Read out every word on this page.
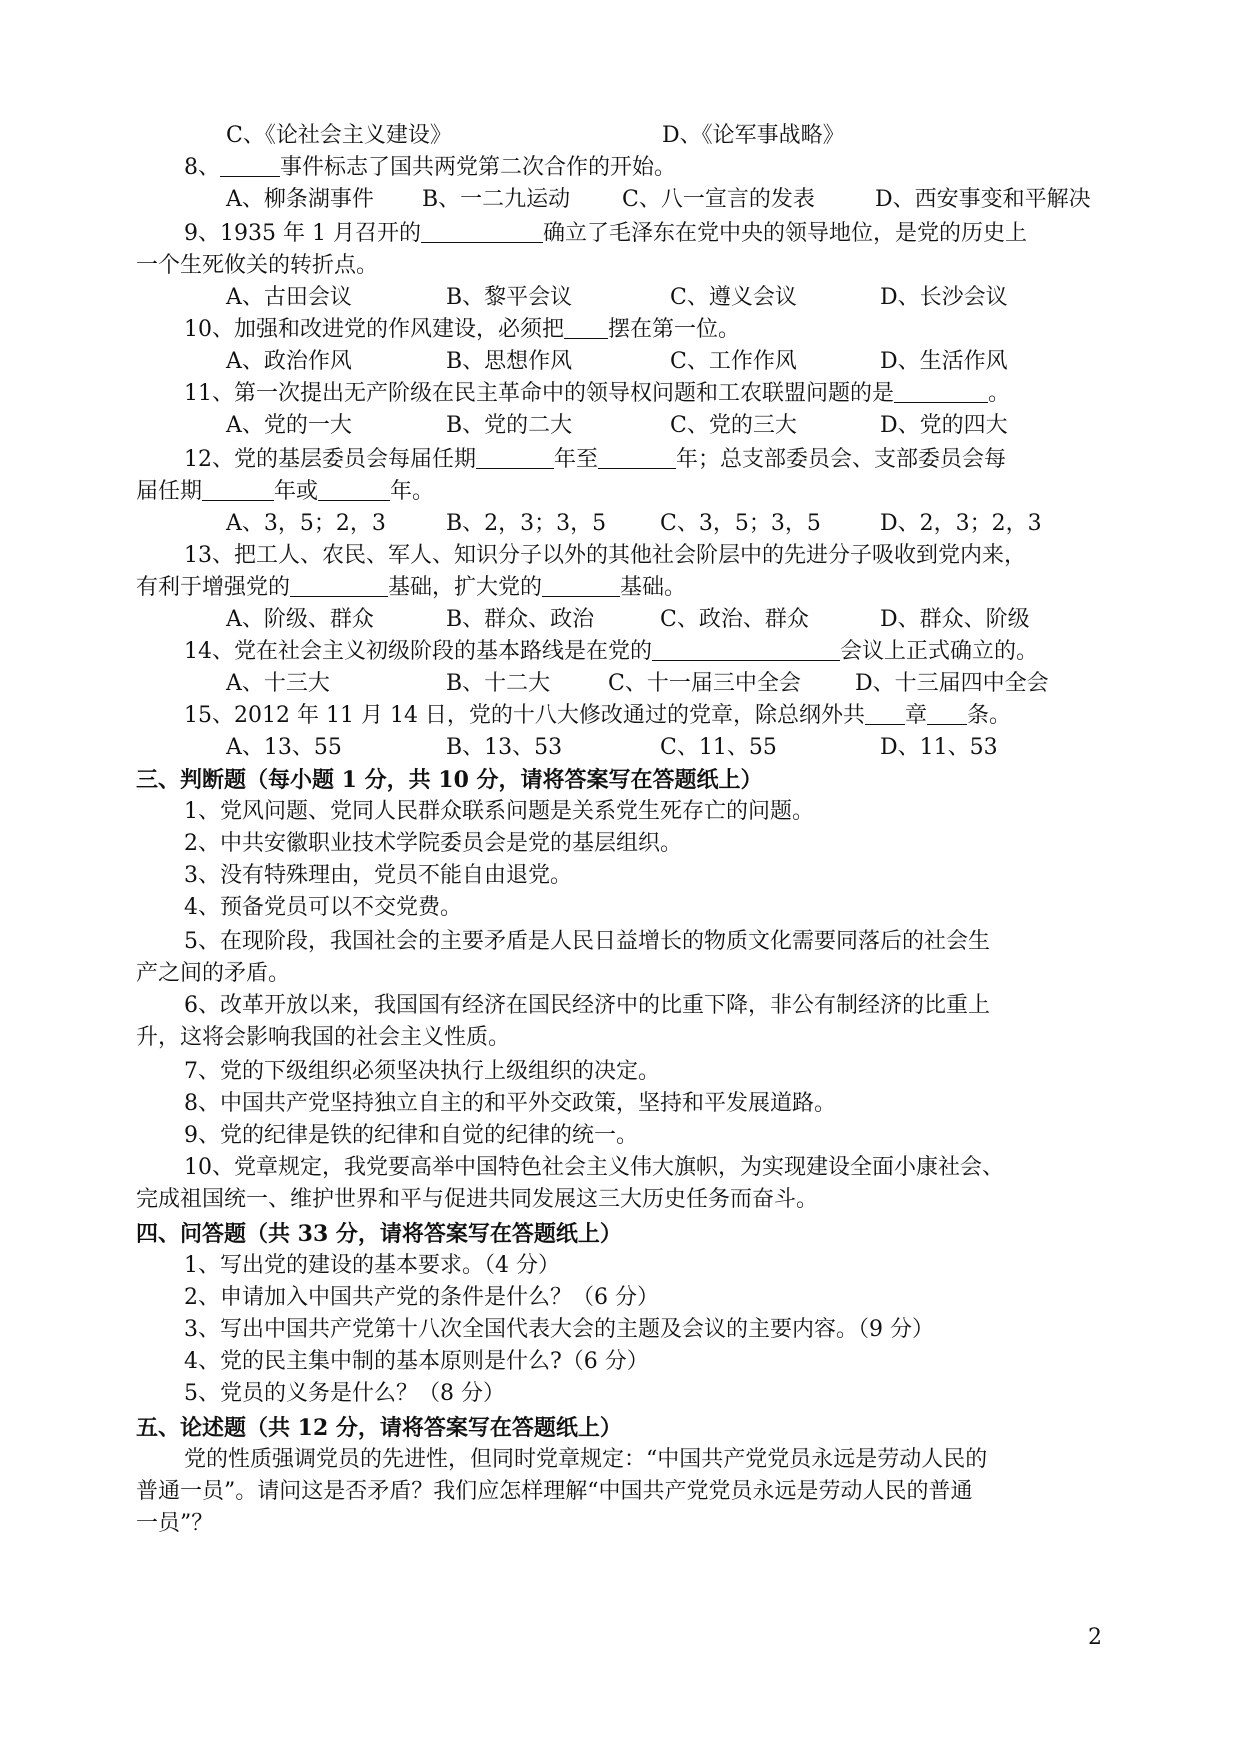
C、《论社会主义建设》	D、《论军事战略》
8、	事件标志了国共两党第二次合作的开始。
A、柳条湖事件 B、一二九运动 C、八一宣言的发表	D、西安事变和平解决
9、1935 年 1 月召开的	确立了毛泽东在党中央的领导地位，是党的历史上
一个生死攸关的转折点。
A、古田会议	B、黎平会议	C、遵义会议	D、长沙会议
10、加强和改进党的作风建设，必须把 摆在第一位。
A、政治作风	B、思想作风	C、工作作风	D、生活作风
11、第一次提出无产阶级在民主革命中的领导权问题和工农联盟问题的是	。
A、党的一大	B、党的二大	C、党的三大	D、党的四大
12、党的基层委员会每届任期	年至	年；总支部委员会、支部委员会每
届任期	年或	年。
A、3，5；2，3	B、2，3；3，5 C、3，5；3，5	D、2，3；2，3
13、把工人、农民、军人、知识分子以外的其他社会阶层中的先进分子吸收到党内来，
有利于增强党的	基础，扩大党的	基础。
A、阶级、群众	B、群众、政治	C、政治、群众	D、群众、阶级
14、党在社会主义初级阶段的基本路线是在党的	会议上正式确立的。
A、十三大	B、十二大	C、十一届三中全会 D、十三届四中全会
15、2012 年 11 月 14 日，党的十八大修改通过的党章，除总纲外共 章 条。
A、13、55	B、13、53	C、11、55	D、11、53
三、判断题（每小题 1 分，共 10 分，请将答案写在答题纸上）
1、党风问题、党同人民群众联系问题是关系党生死存亡的问题。
2、中共安徽职业技术学院委员会是党的基层组织。
3、没有特殊理由，党员不能自由退党。
4、预备党员可以不交党费。
5、在现阶段，我国社会的主要矛盾是人民日益增长的物质文化需要同落后的社会生
产之间的矛盾。
6、改革开放以来，我国国有经济在国民经济中的比重下降，非公有制经济的比重上
升，这将会影响我国的社会主义性质。
7、党的下级组织必须坚决执行上级组织的决定。
8、中国共产党坚持独立自主的和平外交政策，坚持和平发展道路。
9、党的纪律是铁的纪律和自觉的纪律的统一。
10、党章规定，我党要高举中国特色社会主义伟大旗帜，为实现建设全面小康社会、
完成祖国统一、维护世界和平与促进共同发展这三大历史任务而奋斗。
四、问答题（共 33 分，请将答案写在答题纸上）
1、写出党的建设的基本要求。（4 分）
2、申请加入中国共产党的条件是什么？（6 分）
3、写出中国共产党第十八次全国代表大会的主题及会议的主要内容。（9 分）
4、党的民主集中制的基本原则是什么?（6 分）
5、党员的义务是什么？（8 分）
五、论述题（共 12 分，请将答案写在答题纸上）
党的性质强调党员的先进性，但同时党章规定：“中国共产党党员永远是劳动人民的
普通一员”。请问这是否矛盾？我们应怎样理解“中国共产党党员永远是劳动人民的普通
一员”？
2
